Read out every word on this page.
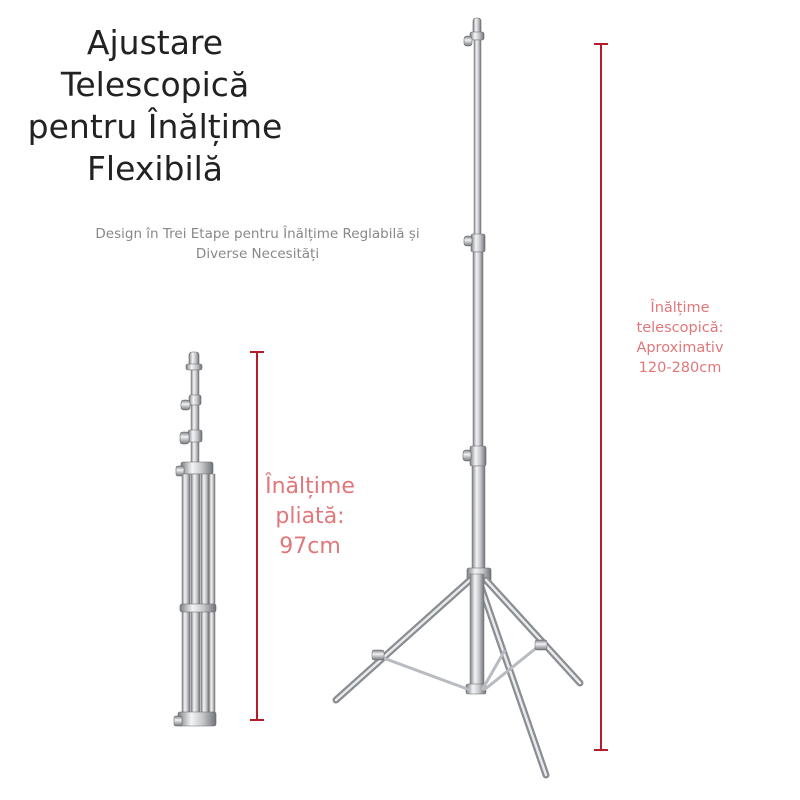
Ajustare
Telescopică
pentru Înălțime
Flexibilă
Design în Trei Etape pentru Înălțime Reglabilă și
Diverse Necesități
Înălțime
pliată:
97cm
Înălțime
telescopică:
Aproximativ
120-280cm
